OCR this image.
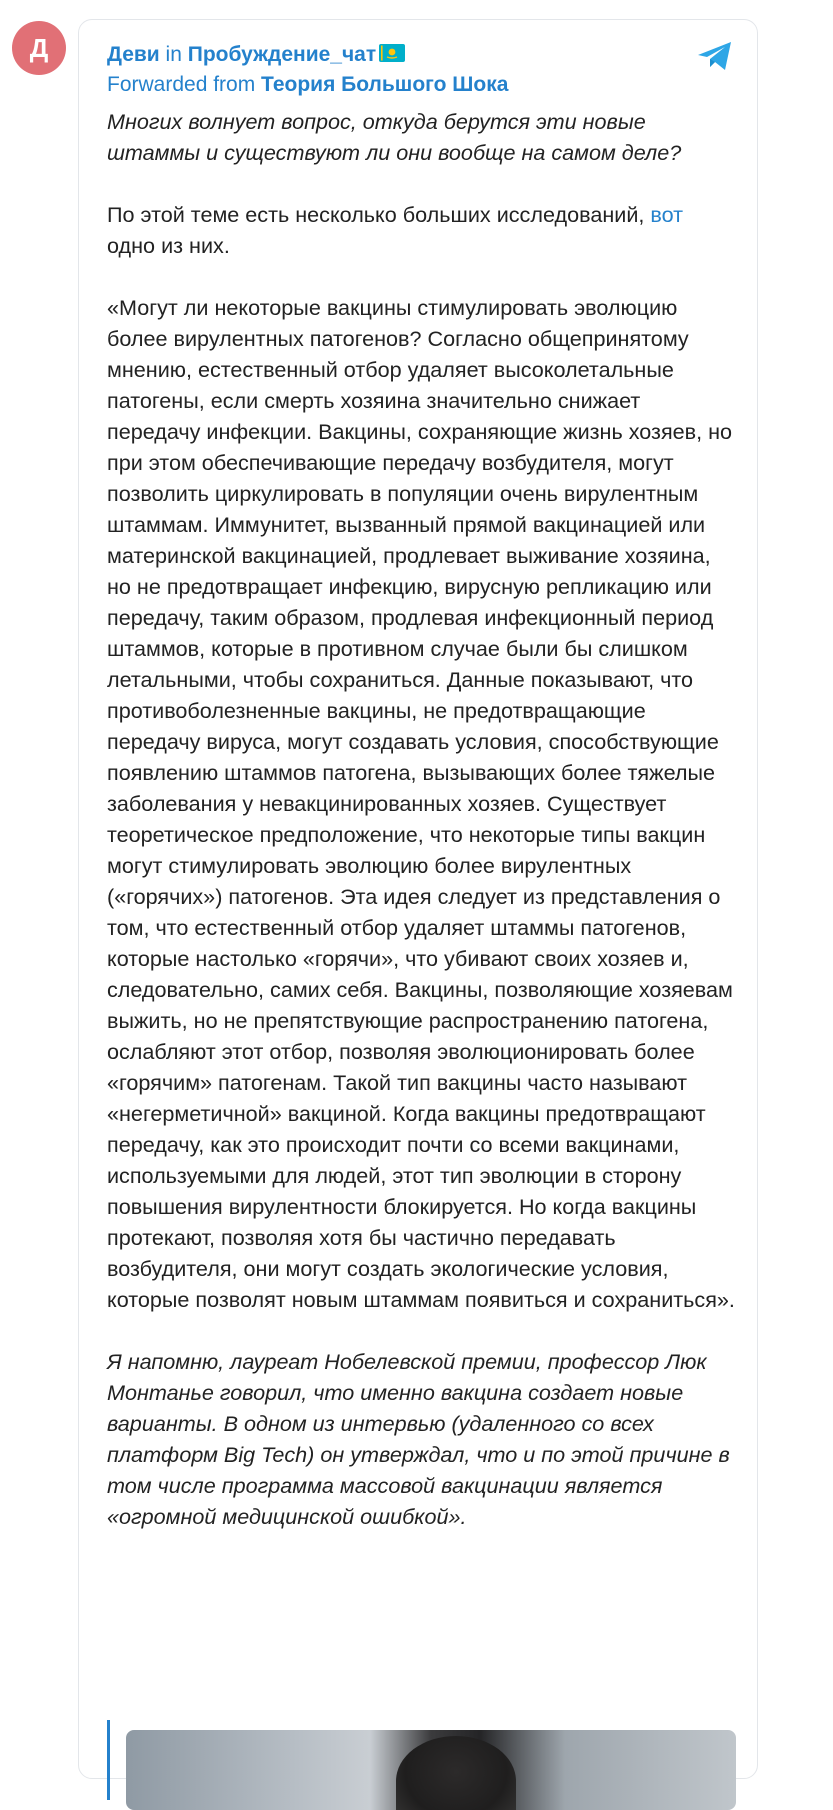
Д	Деви in Пробуждение_чат
Forwarded from Теория Большого Шока

Многих волнует вопрос, откуда берутся эти новые штаммы и существуют ли они вообще на самом деле?

По этой теме есть несколько больших исследований, вот одно из них.

«Могут ли некоторые вакцины стимулировать эволюцию более вирулентных патогенов? Согласно общепринятому мнению, естественный отбор удаляет высоколетальные патогены, если смерть хозяина значительно снижает передачу инфекции. Вакцины, сохраняющие жизнь хозяев, но при этом обеспечивающие передачу возбудителя, могут позволить циркулировать в популяции очень вирулентным штаммам. Иммунитет, вызванный прямой вакцинацией или материнской вакцинацией, продлевает выживание хозяина, но не предотвращает инфекцию, вирусную репликацию или передачу, таким образом, продлевая инфекционный период штаммов, которые в противном случае были бы слишком летальными, чтобы сохраниться. Данные показывают, что противоболезненные вакцины, не предотвращающие передачу вируса, могут создавать условия, способствующие появлению штаммов патогена, вызывающих более тяжелые заболевания у невакцинированных хозяев. Существует теоретическое предположение, что некоторые типы вакцин могут стимулировать эволюцию более вирулентных («горячих») патогенов. Эта идея следует из представления о том, что естественный отбор удаляет штаммы патогенов, которые настолько «горячи», что убивают своих хозяев и, следовательно, самих себя. Вакцины, позволяющие хозяевам выжить, но не препятствующие распространению патогена, ослабляют этот отбор, позволяя эволюционировать более «горячим» патогенам. Такой тип вакцины часто называют «негерметичной» вакциной. Когда вакцины предотвращают передачу, как это происходит почти со всеми вакцинами, используемыми для людей, этот тип эволюции в сторону повышения вирулентности блокируется. Но когда вакцины протекают, позволяя хотя бы частично передавать возбудителя, они могут создать экологические условия, которые позволят новым штаммам появиться и сохраниться».

Я напомню, лауреат Нобелевской премии, профессор Люк Монтанье говорил, что именно вакцина создает новые варианты. В одном из интервью (удаленного со всех платформ Big Tech) он утверждал, что и по этой причине в том числе программа массовой вакцинации является «огромной медицинской ошибкой».
